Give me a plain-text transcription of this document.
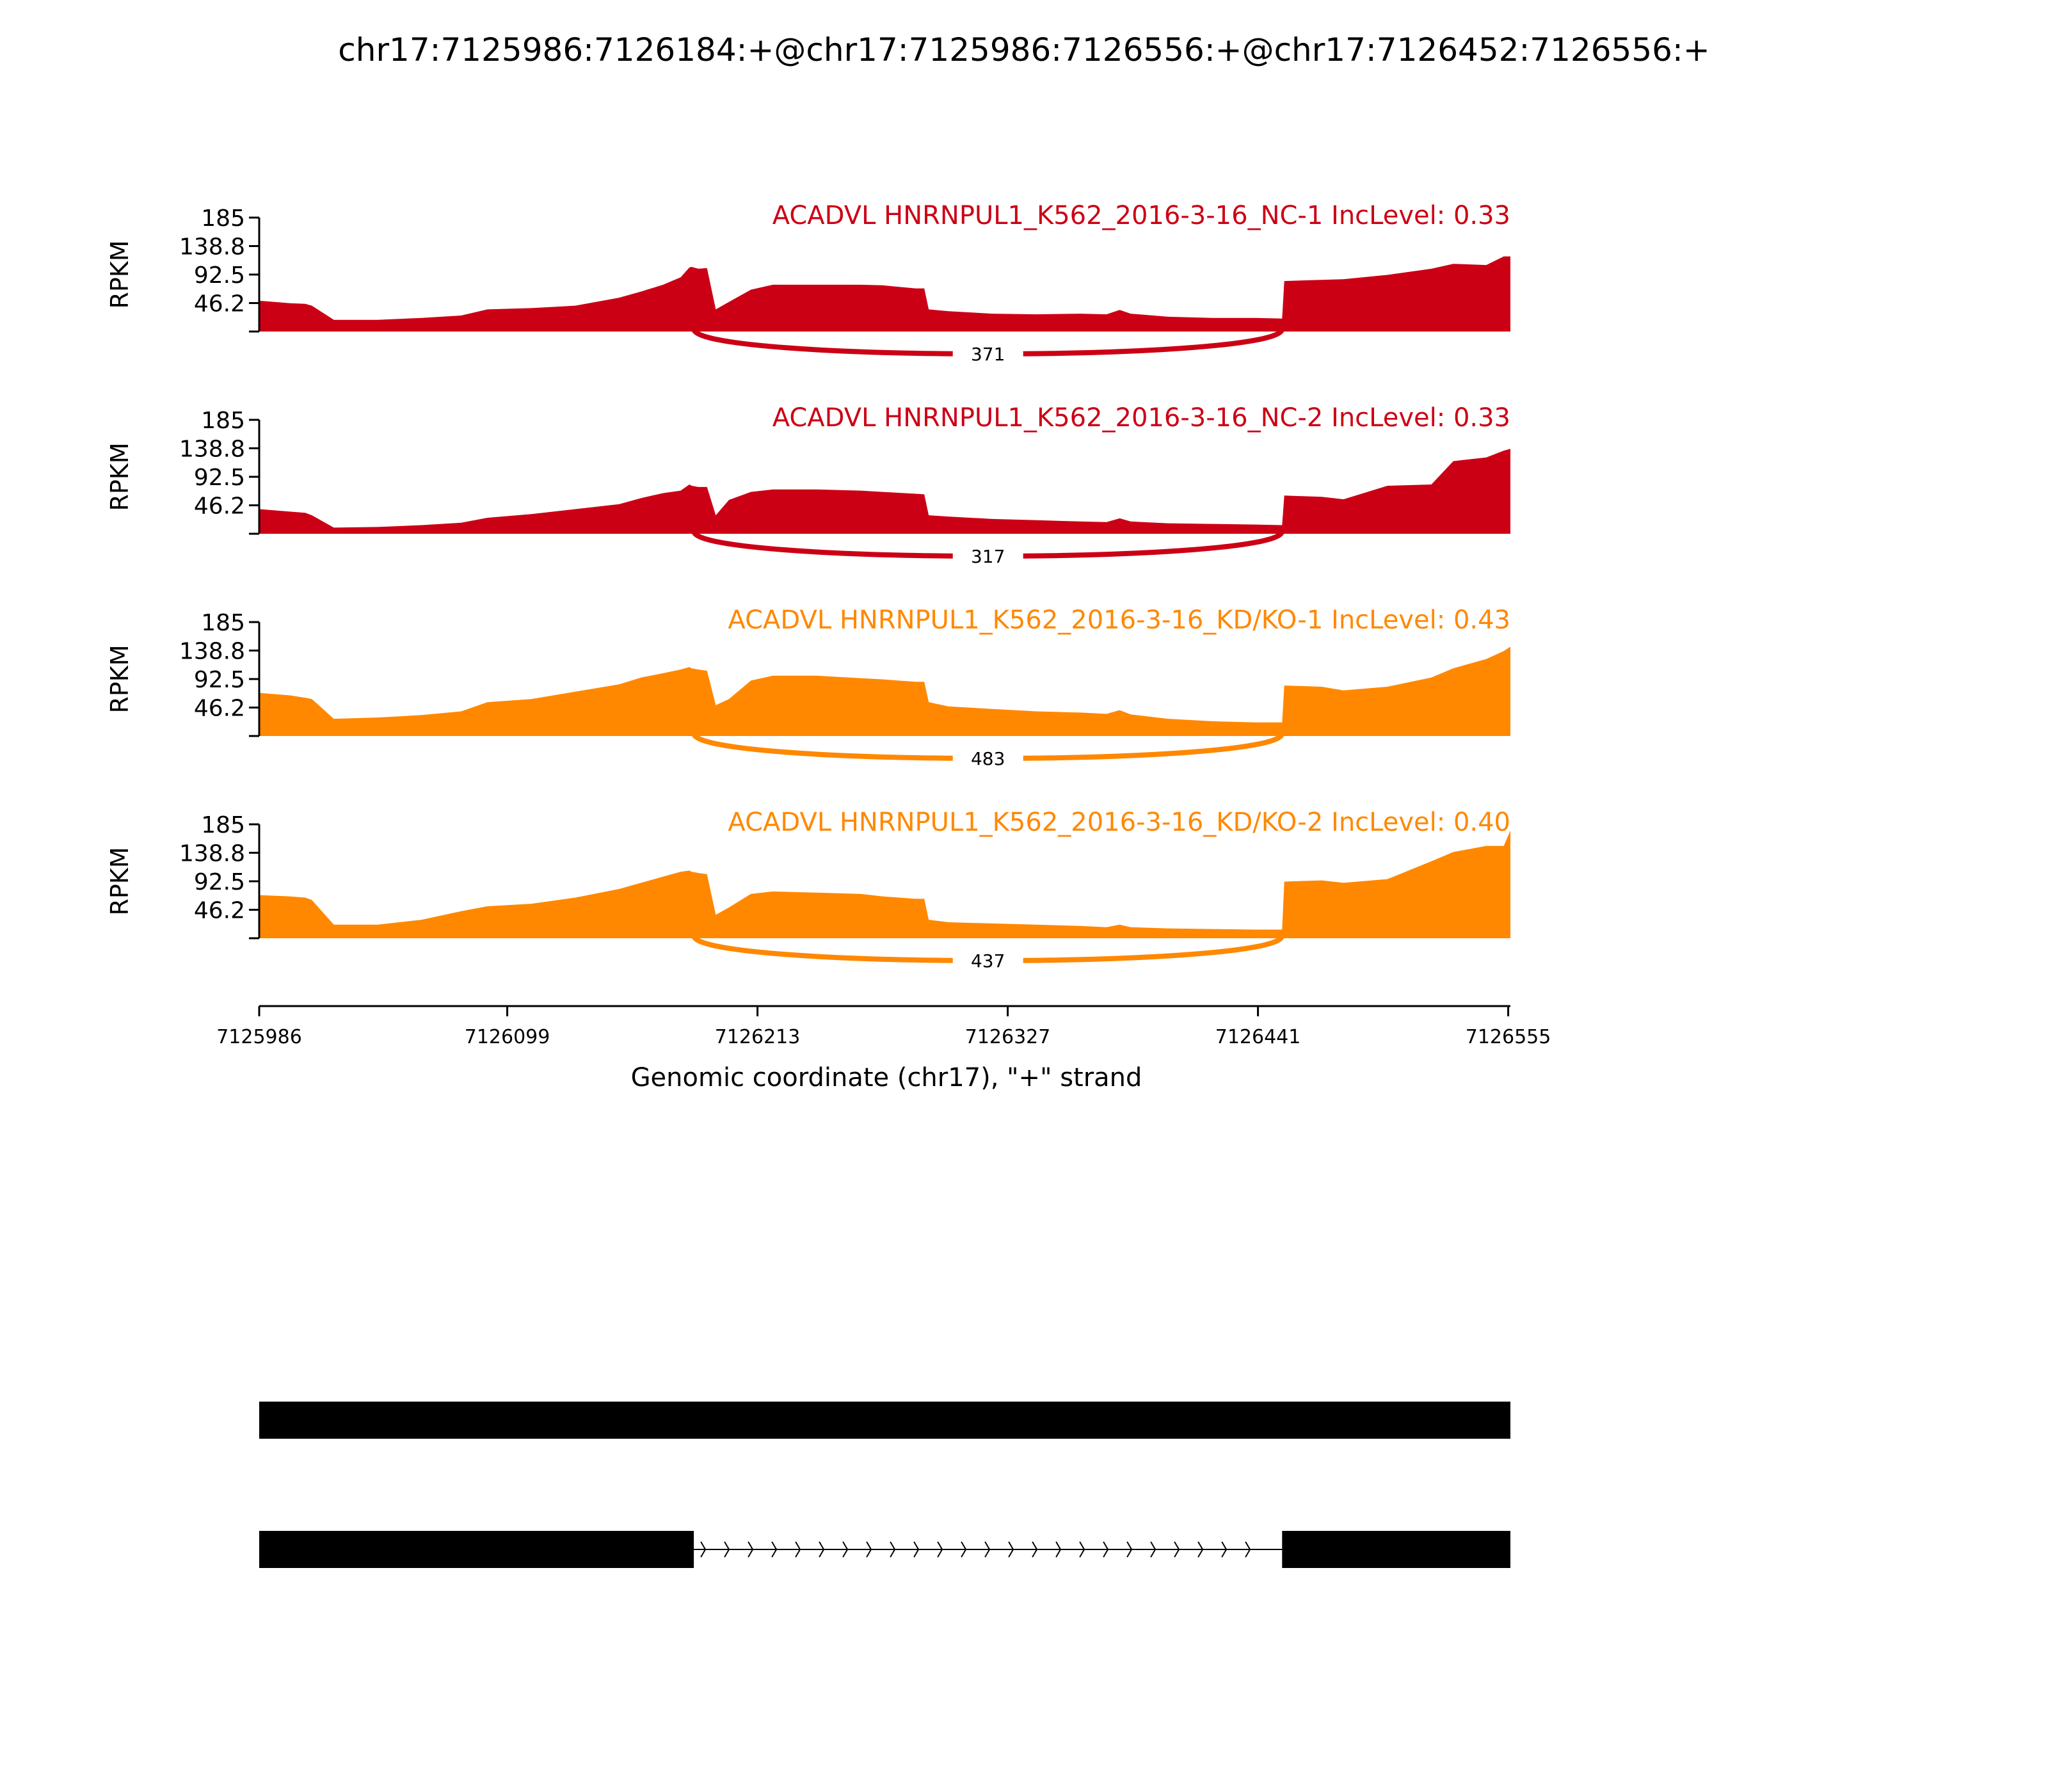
chr17:7125986:7126184:+@chr17:7125986:7126556:+@chr17:7126452:7126556:+
185
138.8
92.5
46.2
RPKM
ACADVL HNRNPUL1_K562_2016-3-16_NC-1 IncLevel: 0.33
371
185
138.8
92.5
46.2
RPKM
ACADVL HNRNPUL1_K562_2016-3-16_NC-2 IncLevel: 0.33
317
185
138.8
92.5
46.2
RPKM
ACADVL HNRNPUL1_K562_2016-3-16_KD/KO-1 IncLevel: 0.43
483
185
138.8
92.5
46.2
RPKM
ACADVL HNRNPUL1_K562_2016-3-16_KD/KO-2 IncLevel: 0.40
437
7125986	7126099	7126213	7126327	7126441	7126555
Genomic coordinate (chr17), "+" strand
